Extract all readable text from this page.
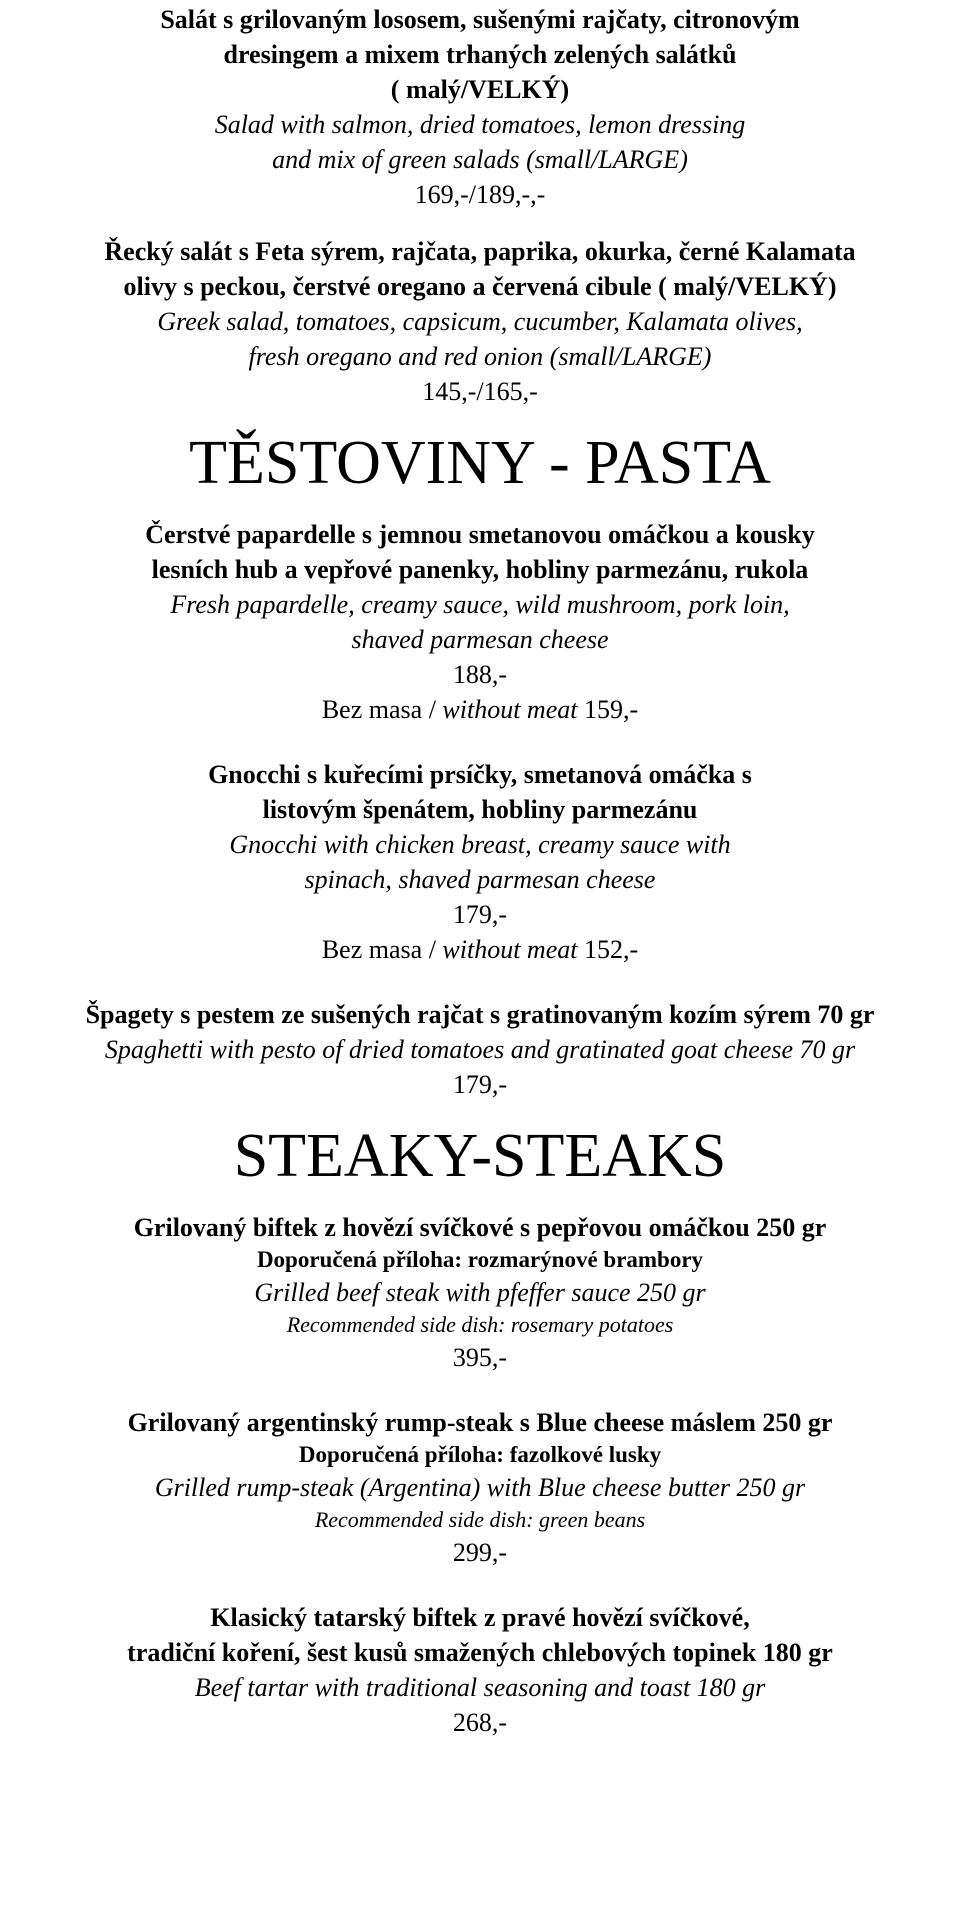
Salát s grilovaným lososem, sušenými rajčaty, citronovým
dresingem a mixem trhaných zelených salátků
( malý/VELKÝ)
Salad with salmon, dried tomatoes, lemon dressing
and mix of green salads (small/LARGE)
169,-/189,-,-
Řecký salát s Feta sýrem, rajčata, paprika, okurka, černé Kalamata
olivy s peckou, čerstvé oregano a červená cibule ( malý/VELKÝ)
Greek salad, tomatoes, capsicum, cucumber, Kalamata olives,
fresh oregano and red onion (small/LARGE)
145,-/165,-
TĚSTOVINY - PASTA
Čerstvé papardelle s jemnou smetanovou omáčkou a kousky
lesních hub a vepřové panenky, hobliny parmezánu, rukola
Fresh papardelle, creamy sauce, wild mushroom, pork loin,
shaved parmesan cheese
188,-
Bez masa / without meat 159,-
Gnocchi s kuřecími prsíčky, smetanová omáčka s
listovým špenátem, hobliny parmezánu
Gnocchi with chicken breast, creamy sauce with
spinach, shaved parmesan cheese
179,-
Bez masa / without meat 152,-
Špagety s pestem ze sušených rajčat s gratinovaným kozím sýrem 70 gr
Spaghetti with pesto of dried tomatoes and gratinated goat cheese 70 gr
179,-
STEAKY-STEAKS
Grilovaný biftek z hovězí svíčkové s pepřovou omáčkou 250 gr
Doporučená příloha: rozmarýnové brambory
Grilled beef steak with pfeffer sauce 250 gr
Recommended side dish: rosemary potatoes
395,-
Grilovaný argentinský rump-steak s Blue cheese máslem 250 gr
Doporučená příloha: fazolkové lusky
Grilled rump-steak (Argentina) with Blue cheese butter 250 gr
Recommended side dish: green beans
299,-
Klasický tatarský biftek z pravé hovězí svíčkové,
tradiční koření, šest kusů smažených chlebových topinek 180 gr
Beef tartar with traditional seasoning and toast 180 gr
268,-
